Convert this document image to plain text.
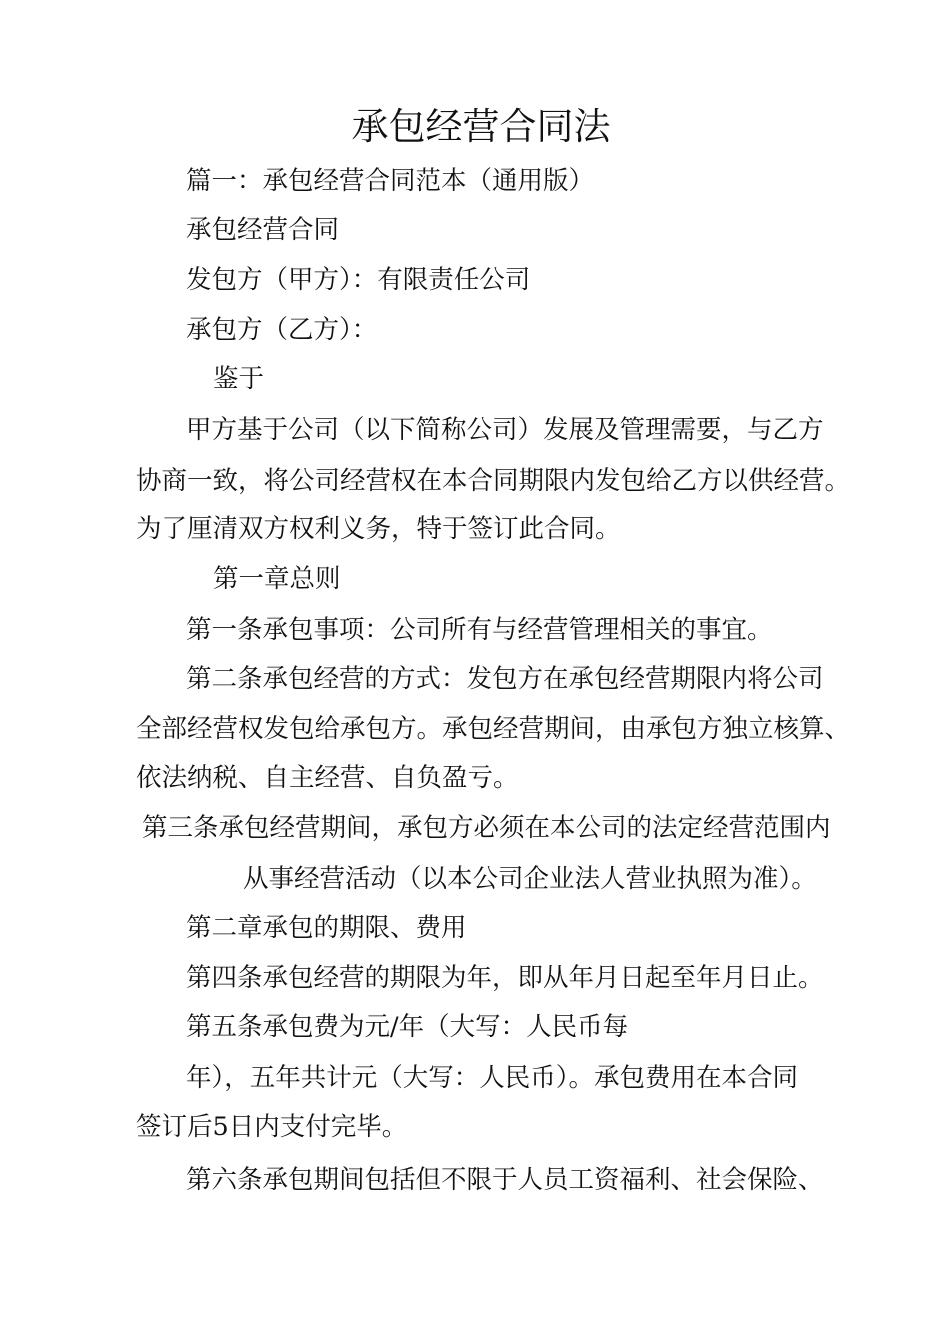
承包经营合同法
篇一：承包经营合同范本（通用版）
承包经营合同
发包方（甲方）：有限责任公司
承包方（乙方）：
鉴于
甲方基于公司（以下简称公司）发展及管理需要，与乙方
协商一致，将公司经营权在本合同期限内发包给乙方以供经营。
为了厘清双方权利义务，特于签订此合同。
第一章总则
第一条承包事项：公司所有与经营管理相关的事宜。
第二条承包经营的方式：发包方在承包经营期限内将公司
全部经营权发包给承包方。承包经营期间，由承包方独立核算、
依法纳税、自主经营、自负盈亏。
第三条承包经营期间，承包方必须在本公司的法定经营范围内
从事经营活动（以本公司企业法人营业执照为准）。
第二章承包的期限、费用
第四条承包经营的期限为年，即从年月日起至年月日止。
第五条承包费为元/年（大写：人民币每
年），五年共计元（大写：人民币）。承包费用在本合同
签订后5日内支付完毕。
第六条承包期间包括但不限于人员工资福利、社会保险、
